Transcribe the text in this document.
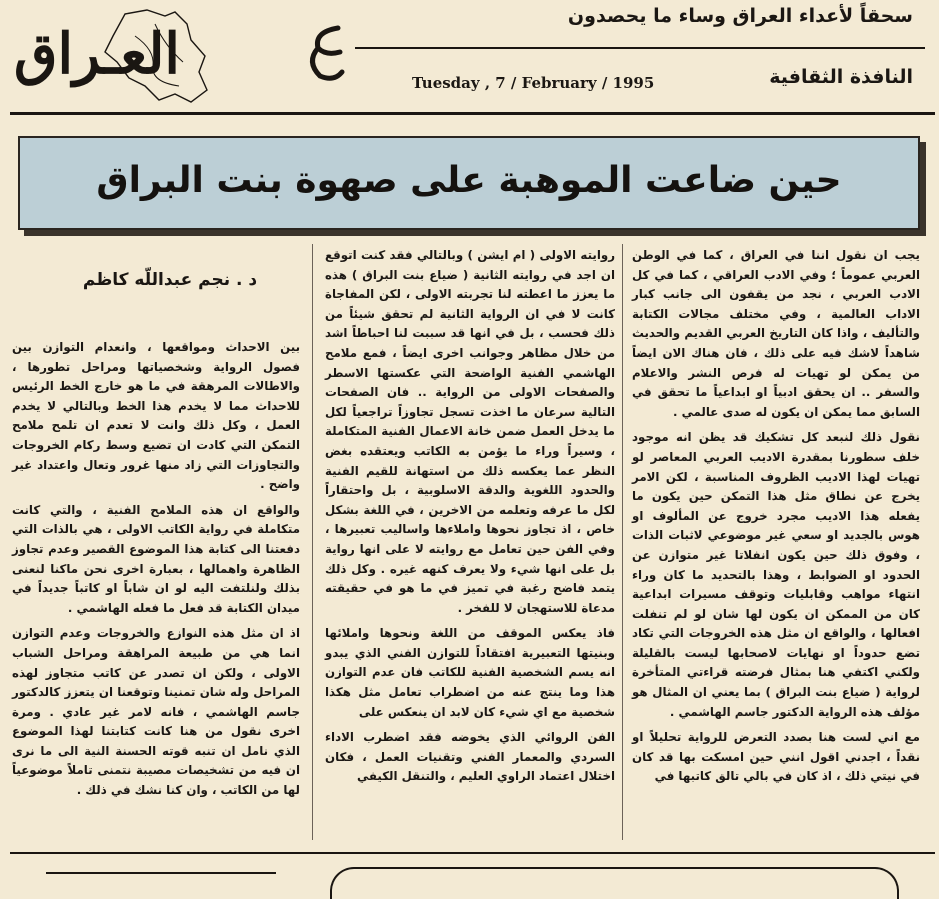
العـراق
4	سحقاً لأعداء العراق وساء ما يحصدون
النافذة الثقافية
Tuesday , 7 / February / 1995
حين ضاعت الموهبة على صهوة بنت البراق

يجب ان نقول اننا في العراق ، كما في الوطن العربي عموماً ؛ وفي الادب العراقي ، كما في كل الادب العربي ، نجد من يقفون الى جانب كبار الاداب العالمية ، وفي مختلف مجالات الكتابة والتأليف ، واذا كان التاريخ العربي القديم والحديث شاهداً لاشك فيه على ذلك ، فان هناك الان ايضاً من يمكن لو تهيات له فرص النشر والاعلام والسفر .. ان يحقق ادبياً او ابداعياً ما تحقق في السابق مما يمكن ان يكون له صدى عالمي .

نقول ذلك لنبعد كل تشكيك قد يظن انه موجود خلف سطورنا بمقدرة الاديب العربي المعاصر لو تهيات لهذا الاديب الظروف المناسبة ، لكن الامر يخرج عن نطاق مثل هذا التمكن حين يكون ما يفعله هذا الاديب مجرد خروج عن المألوف او هوس بالجديد او سعي غير موضوعي لاثبات الذات ، وفوق ذلك حين يكون انفلاتا غير متوازن عن الحدود او الضوابط ، وهذا بالتحديد ما كان وراء انتهاء مواهب وقابليات وتوقف مسيرات ابداعية كان من الممكن ان يكون لها شان لو لم تنفلت افعالها ، والواقع ان مثل هذه الخروجات التي تكاد تضع حدوداً او نهايات لاصحابها ليست بالقليلة ولكني اكتفي هنا بمثال فرضته قراءتي المتأخرة لرواية ( ضياع بنت البراق ) بما يعني ان المثال هو مؤلف هذه الرواية الدكتور جاسم الهاشمي .

مع اني لست هنا بصدد التعرض للرواية تحليلاً او نقداً ، اجدني اقول انني حين امسكت بها قد كان في نيتي ذلك ، اذ كان في بالي تالق كاتبها في

روايته الاولى ( ام ايشن ) وبالتالي فقد كنت اتوقع ان اجد في روايته الثانية ( ضياع بنت البراق ) هذه ما يعزز ما اعطته لنا تجربته الاولى ، لكن المفاجاة كانت لا في ان الرواية الثانية لم تحقق شيئاً من ذلك فحسب ، بل في انها قد سببت لنا احباطاً اشد من خلال مظاهر وجوانب اخرى ايضاً ، فمع ملامح الهاشمي الفنية الواضحة التي عكستها الاسطر والصفحات الاولى من الرواية .. فان الصفحات التالية سرعان ما اخذت تسجل تجاوزاً تراجعياً لكل ما يدخل العمل ضمن خانة الاعمال الفنية المتكاملة ، وسيراً وراء ما يؤمن به الكاتب ويعتقده بغض النظر عما يعكسه ذلك من استهانة للقيم الفنية والحدود اللغوية والدقة الاسلوبية ، بل واحتقاراً لكل ما عرفه وتعلمه من الاخرين ، في اللغة بشكل خاص ، اذ تجاوز نحوها واملاءها واساليب تعبيرها ، وفي الفن حين تعامل مع روايته لا على انها رواية بل على انها شيء ولا يعرف كنهه غيره . وكل ذلك يتمد فاضح رغبة في تميز في ما هو في حقيقته مدعاة للاستهجان لا للفخر .

فاذ يعكس الموقف من اللغة ونحوها واملائها وبنيتها التعبيرية افتقاداً للتوازن الفني الذي يبدو انه يسم الشخصية الفنية للكاتب فان عدم التوازن هذا وما ينتج عنه من اضطراب تعامل مثل هكذا شخصية مع اي شيء كان لابد ان ينعكس على

الفن الروائي الذي يخوضه فقد اضطرب الاداء السردي والمعمار الفني وتقنيات العمل ، فكان اختلال اعتماد الراوي العليم ، والتنقل الكيفي

د . نجم عبداللّه كاظم

بين الاحداث ومواقعها ، وانعدام التوازن بين فصول الرواية وشخصياتها ومراحل تطورها ، والاطالات المرهقة في ما هو خارج الخط الرئيس للاحداث مما لا يخدم هذا الخط وبالتالي لا يخدم العمل ، وكل ذلك وانت لا تعدم ان تلمح ملامح التمكن التي كادت ان تضيع وسط ركام الخروجات والتجاوزات التي زاد منها غرور وتعال واعتداد غير واضح .

والواقع ان هذه الملامح الفنية ، والتي كانت متكاملة في رواية الكاتب الاولى ، هي بالذات التي دفعتنا الى كتابة هذا الموضوع القصير وعدم تجاوز الظاهرة واهمالها ، بعبارة اخرى نحن ماكنا لنعنى بذلك ولنلتفت اليه لو ان شاباً او كاتباً جديداً في ميدان الكتابة قد فعل ما فعله الهاشمي .

اذ ان مثل هذه النوازع والخروجات وعدم التوازن انما هي من طبيعة المراهقة ومراحل الشباب الاولى ، ولكن ان تصدر عن كاتب متجاوز لهذه المراحل وله شان تمنينا وتوقعنا ان يتعزز كالدكتور جاسم الهاشمي ، فانه لامر غير عادي . ومرة اخرى نقول من هنا كانت كتابتنا لهذا الموضوع الذي نامل ان تنبه قوته الحسنة النية الى ما نرى ان فيه من تشخيصات مصيبة نتمنى تاملاً موضوعياً لها من الكاتب ، وان كنا نشك في ذلك .
